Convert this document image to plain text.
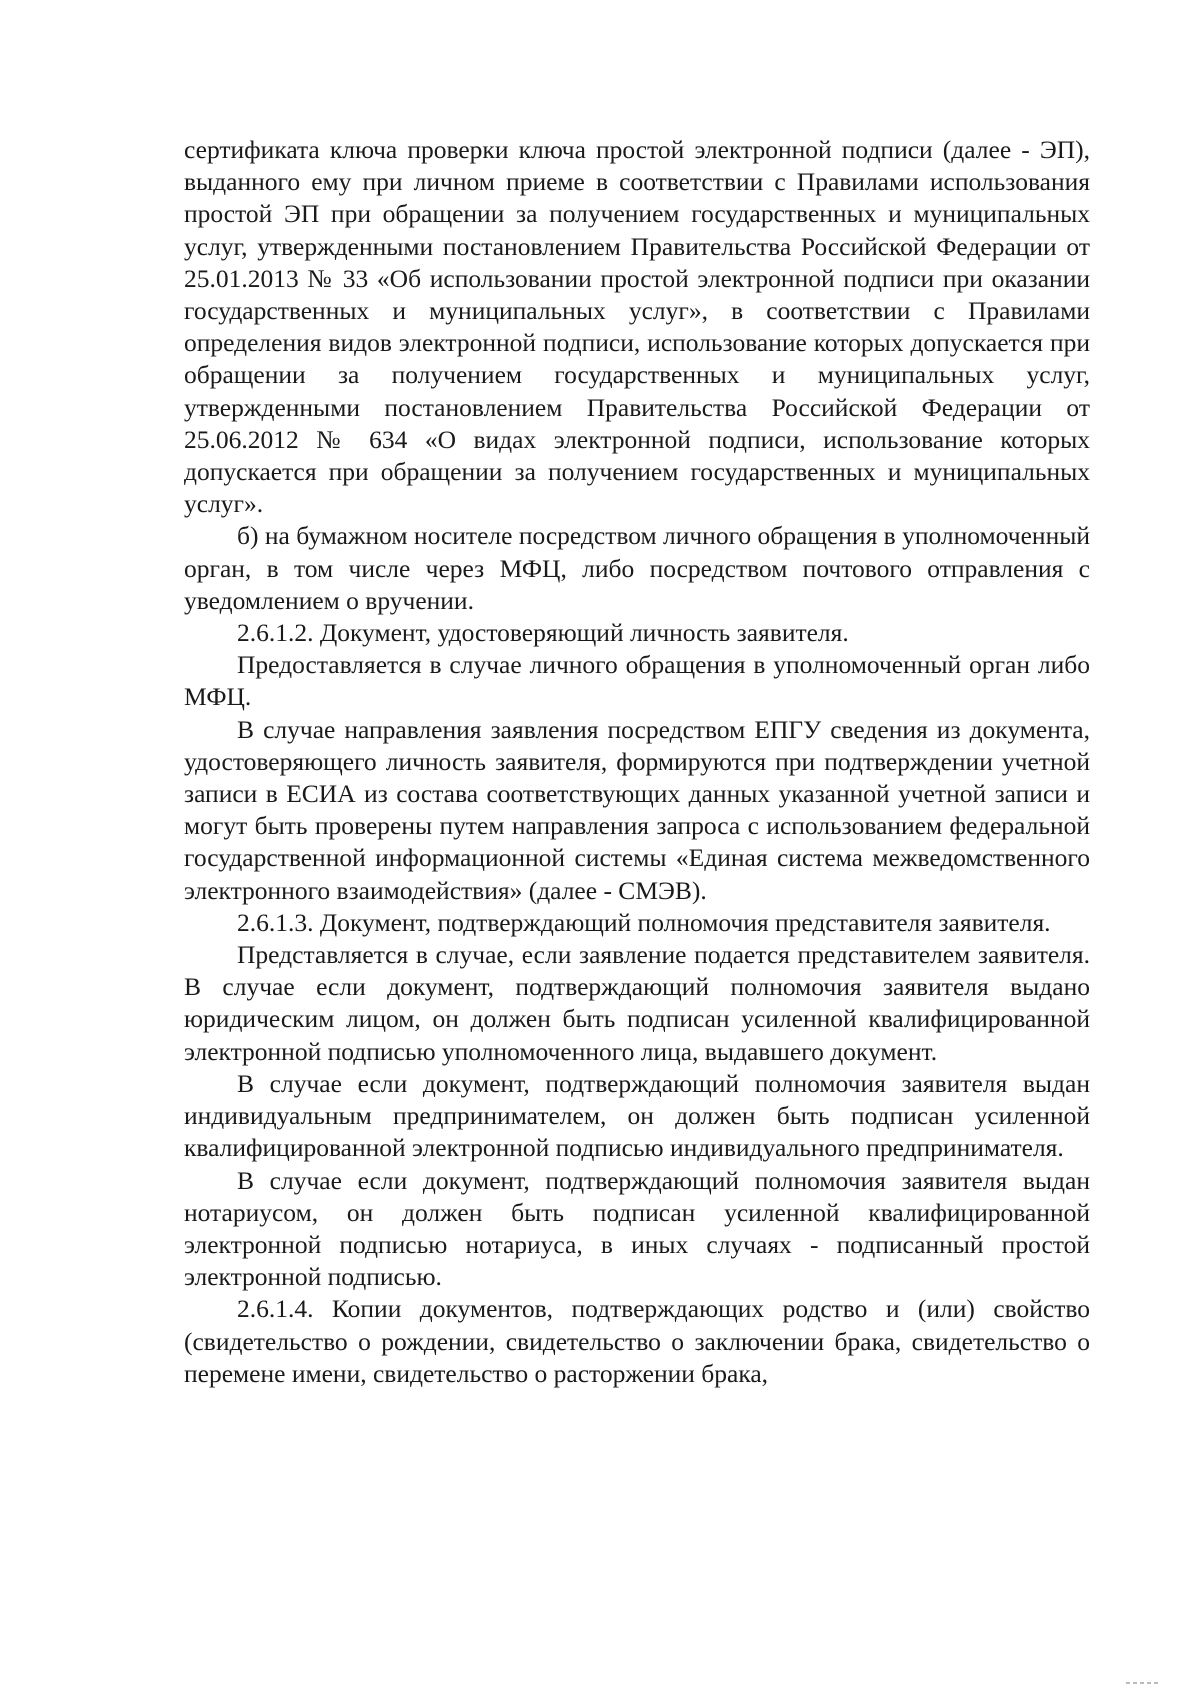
сертификата ключа проверки ключа простой электронной подписи (далее - ЭП), выданного ему при личном приеме в соответствии с Правилами использования простой ЭП при обращении за получением государственных и муниципальных услуг, утвержденными постановлением Правительства Российской Федерации от 25.01.2013 № 33 «Об использовании простой электронной подписи при оказании государственных и муниципальных услуг», в соответствии с Правилами определения видов электронной подписи, использование которых допускается при обращении за получением государственных и муниципальных услуг, утвержденными постановлением Правительства Российской Федерации от 25.06.2012 № 634 «О видах электронной подписи, использование которых допускается при обращении за получением государственных и муниципальных услуг».

б) на бумажном носителе посредством личного обращения в уполномоченный орган, в том числе через МФЦ, либо посредством почтового отправления с уведомлением о вручении.

2.6.1.2. Документ, удостоверяющий личность заявителя.

Предоставляется в случае личного обращения в уполномоченный орган либо МФЦ.

В случае направления заявления посредством ЕПГУ сведения из документа, удостоверяющего личность заявителя, формируются при подтверждении учетной записи в ЕСИА из состава соответствующих данных указанной учетной записи и могут быть проверены путем направления запроса с использованием федеральной государственной информационной системы «Единая система межведомственного электронного взаимодействия» (далее - СМЭВ).

2.6.1.3. Документ, подтверждающий полномочия представителя заявителя.

Представляется в случае, если заявление подается представителем заявителя. В случае если документ, подтверждающий полномочия заявителя выдано юридическим лицом, он должен быть подписан усиленной квалифицированной электронной подписью уполномоченного лица, выдавшего документ.

В случае если документ, подтверждающий полномочия заявителя выдан индивидуальным предпринимателем, он должен быть подписан усиленной квалифицированной электронной подписью индивидуального предпринимателя.

В случае если документ, подтверждающий полномочия заявителя выдан нотариусом, он должен быть подписан усиленной квалифицированной электронной подписью нотариуса, в иных случаях - подписанный простой электронной подписью.

2.6.1.4. Копии документов, подтверждающих родство и (или) свойство (свидетельство о рождении, свидетельство о заключении брака, свидетельство о перемене имени, свидетельство о расторжении брака,
